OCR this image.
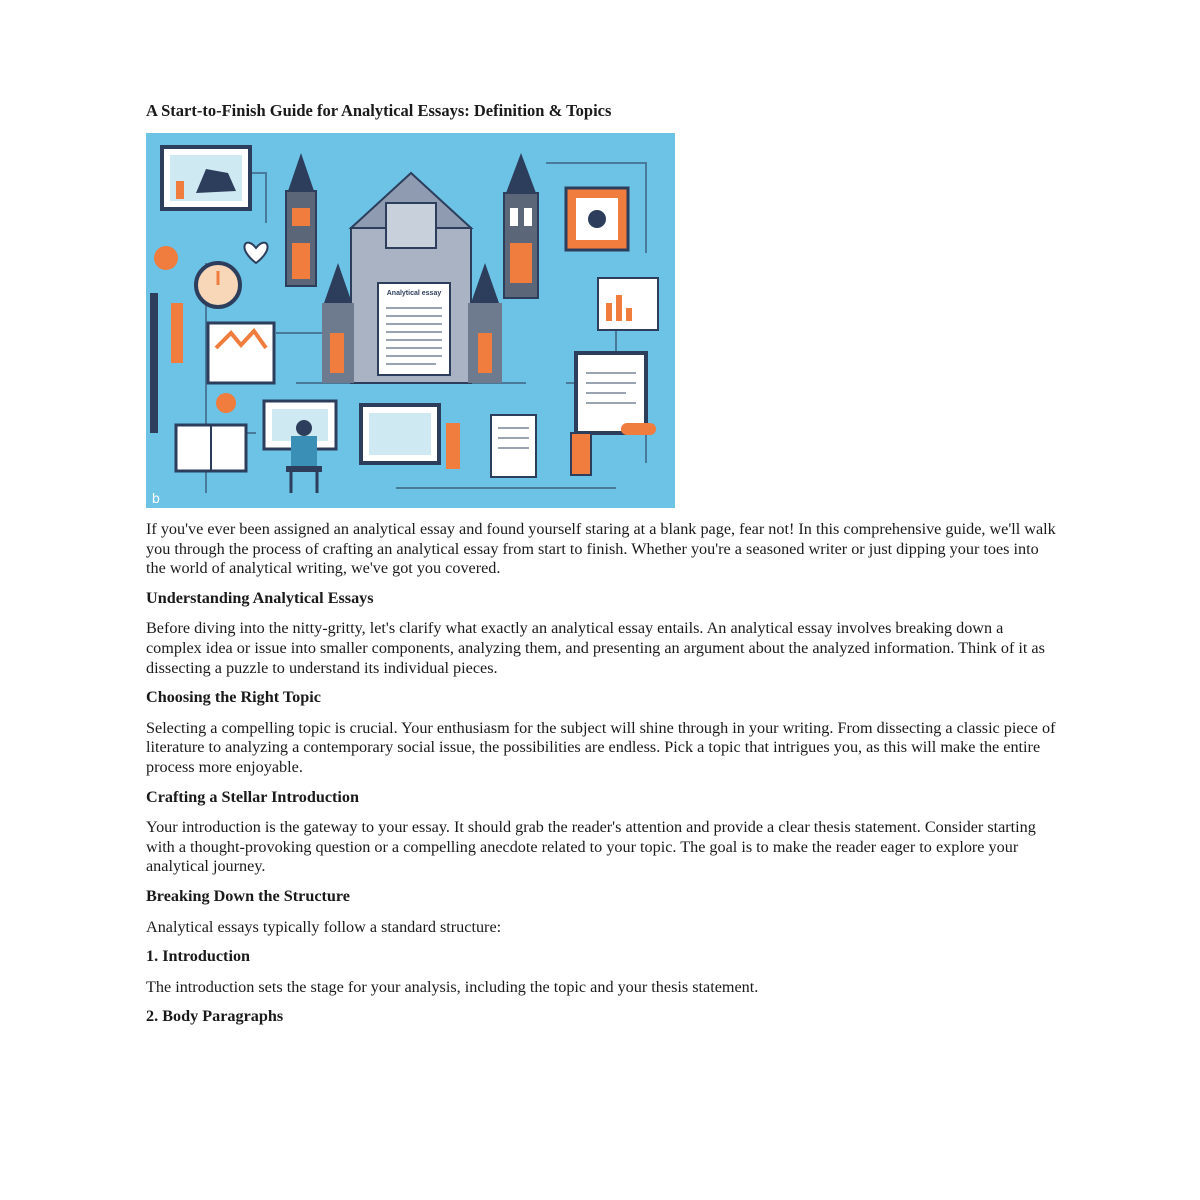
A Start-to-Finish Guide for Analytical Essays: Definition & Topics
Analytical essay
b

If you've ever been assigned an analytical essay and found yourself staring at a blank page, fear not! In this comprehensive guide, we'll walk you through the process of crafting an analytical essay from start to finish. Whether you're a seasoned writer or just dipping your toes into the world of analytical writing, we've got you covered.

Understanding Analytical Essays

Before diving into the nitty-gritty, let's clarify what exactly an analytical essay entails. An analytical essay involves breaking down a complex idea or issue into smaller components, analyzing them, and presenting an argument about the analyzed information. Think of it as dissecting a puzzle to understand its individual pieces.

Choosing the Right Topic

Selecting a compelling topic is crucial. Your enthusiasm for the subject will shine through in your writing. From dissecting a classic piece of literature to analyzing a contemporary social issue, the possibilities are endless. Pick a topic that intrigues you, as this will make the entire process more enjoyable.

Crafting a Stellar Introduction

Your introduction is the gateway to your essay. It should grab the reader's attention and provide a clear thesis statement. Consider starting with a thought-provoking question or a compelling anecdote related to your topic. The goal is to make the reader eager to explore your analytical journey.

Breaking Down the Structure

Analytical essays typically follow a standard structure:

1. Introduction

The introduction sets the stage for your analysis, including the topic and your thesis statement.

2. Body Paragraphs
